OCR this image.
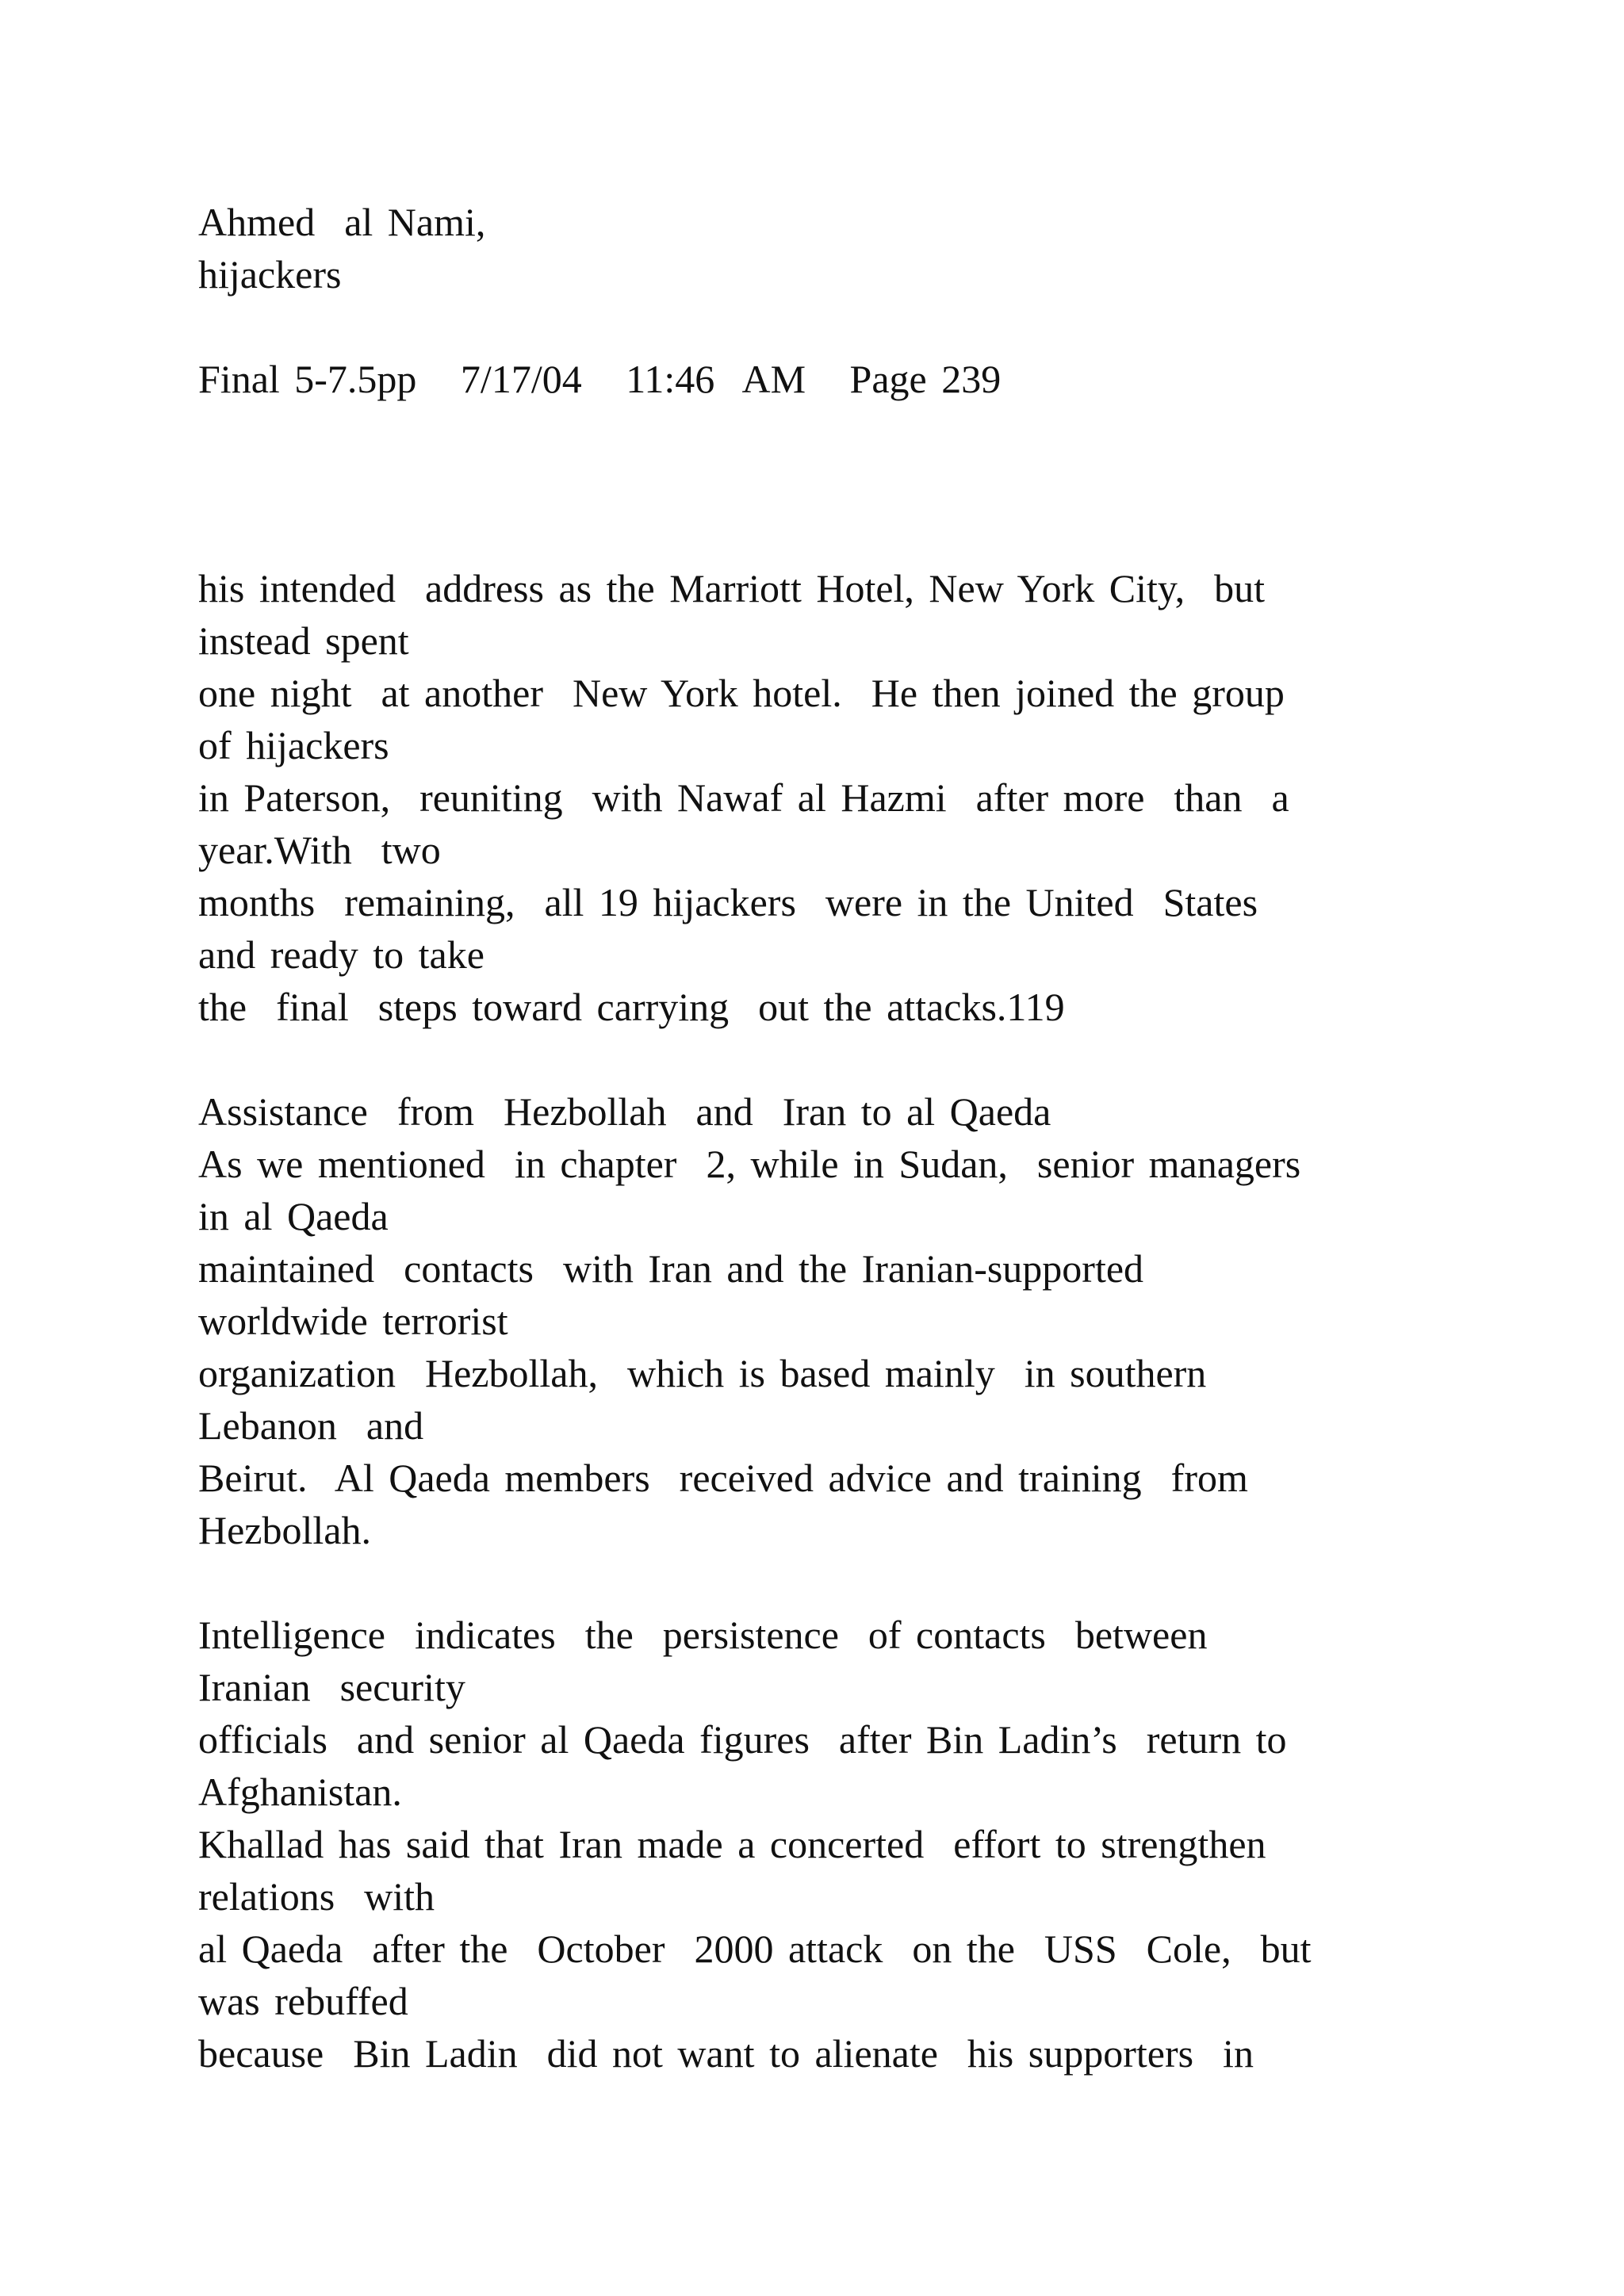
Ahmed  al Nami,

hijackers

Final 5-7.5pp   7/17/04   11:46  AM   Page 239

his intended  address as the Marriott Hotel, New York City,  but

instead spent

one night  at another  New York hotel.  He then joined the group

of hijackers

in Paterson,  reuniting  with Nawaf al Hazmi  after more  than  a

year.With  two

months  remaining,  all 19 hijackers  were in the United  States

and ready to take

the  final  steps toward carrying  out the attacks.119

Assistance  from  Hezbollah  and  Iran to al Qaeda

As we mentioned  in chapter  2, while in Sudan,  senior managers

in al Qaeda

maintained  contacts  with Iran and the Iranian-supported

worldwide terrorist

organization  Hezbollah,  which is based mainly  in southern

Lebanon  and

Beirut.  Al Qaeda members  received advice and training  from

Hezbollah.

Intelligence  indicates  the  persistence  of contacts  between

Iranian  security

officials  and senior al Qaeda figures  after Bin Ladin’s  return to

Afghanistan.

Khallad has said that Iran made a concerted  effort to strengthen

relations  with

al Qaeda  after the  October  2000 attack  on the  USS  Cole,  but

was rebuffed

because  Bin Ladin  did not want to alienate  his supporters  in
